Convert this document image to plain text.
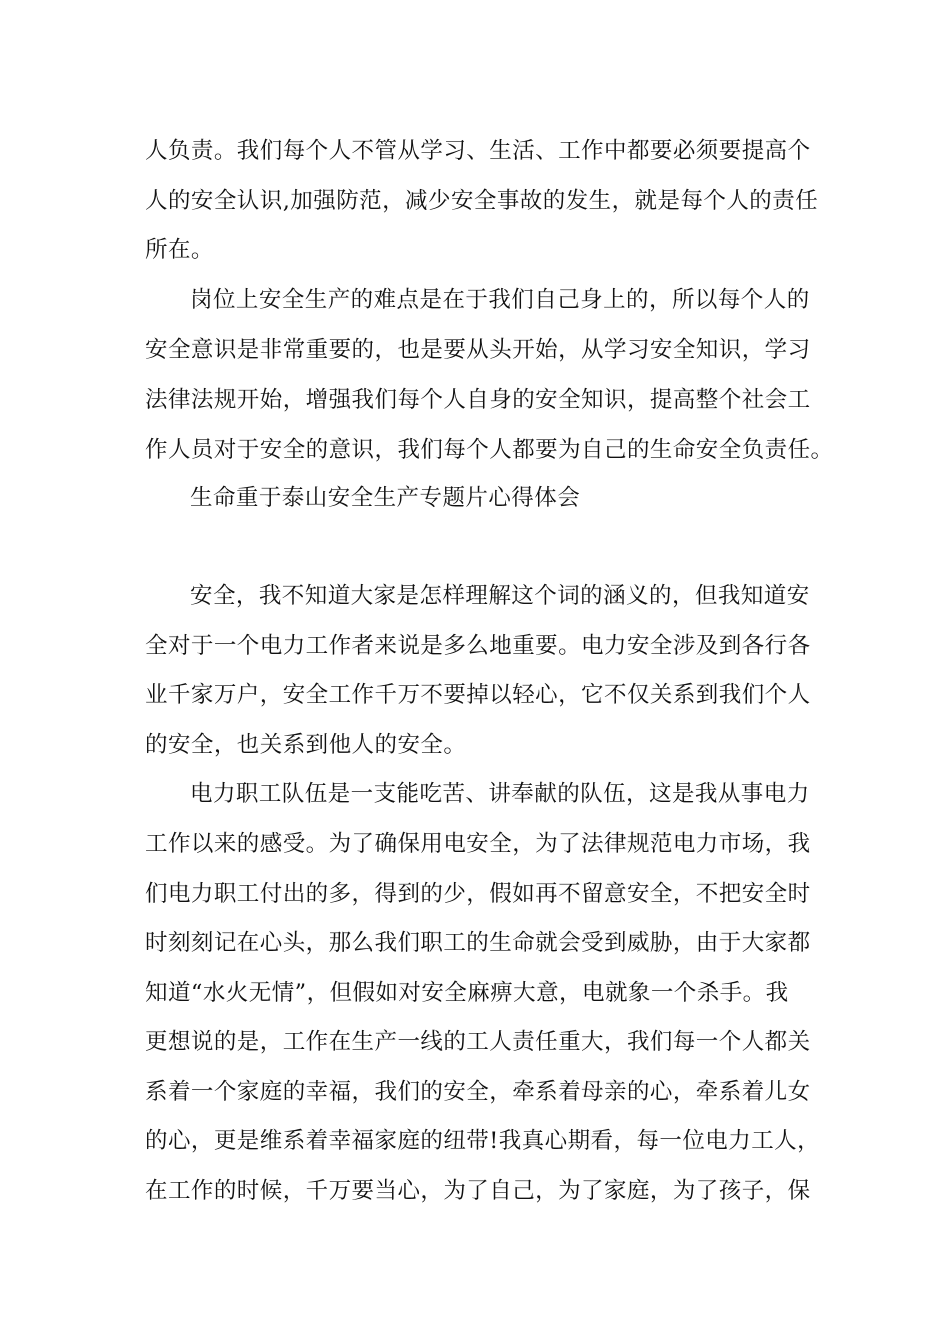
人负责。我们每个人不管从学习、生活、工作中都要必须要提高个
人的安全认识,加强防范，减少安全事故的发生，就是每个人的责任
所在。
岗位上安全生产的难点是在于我们自己身上的，所以每个人的
安全意识是非常重要的，也是要从头开始，从学习安全知识，学习
法律法规开始，增强我们每个人自身的安全知识，提高整个社会工
作人员对于安全的意识，我们每个人都要为自己的生命安全负责任。
生命重于泰山安全生产专题片心得体会
安全，我不知道大家是怎样理解这个词的涵义的，但我知道安
全对于一个电力工作者来说是多么地重要。电力安全涉及到各行各
业千家万户，安全工作千万不要掉以轻心，它不仅关系到我们个人
的安全，也关系到他人的安全。
电力职工队伍是一支能吃苦、讲奉献的队伍，这是我从事电力
工作以来的感受。为了确保用电安全，为了法律规范电力市场，我
们电力职工付出的多，得到的少，假如再不留意安全，不把安全时
时刻刻记在心头，那么我们职工的生命就会受到威胁，由于大家都
知道“水火无情”，但假如对安全麻痹大意，电就象一个杀手。我
更想说的是，工作在生产一线的工人责任重大，我们每一个人都关
系着一个家庭的幸福，我们的安全，牵系着母亲的心，牵系着儿女
的心，更是维系着幸福家庭的纽带!我真心期看，每一位电力工人，
在工作的时候，千万要当心，为了自己，为了家庭，为了孩子，保
